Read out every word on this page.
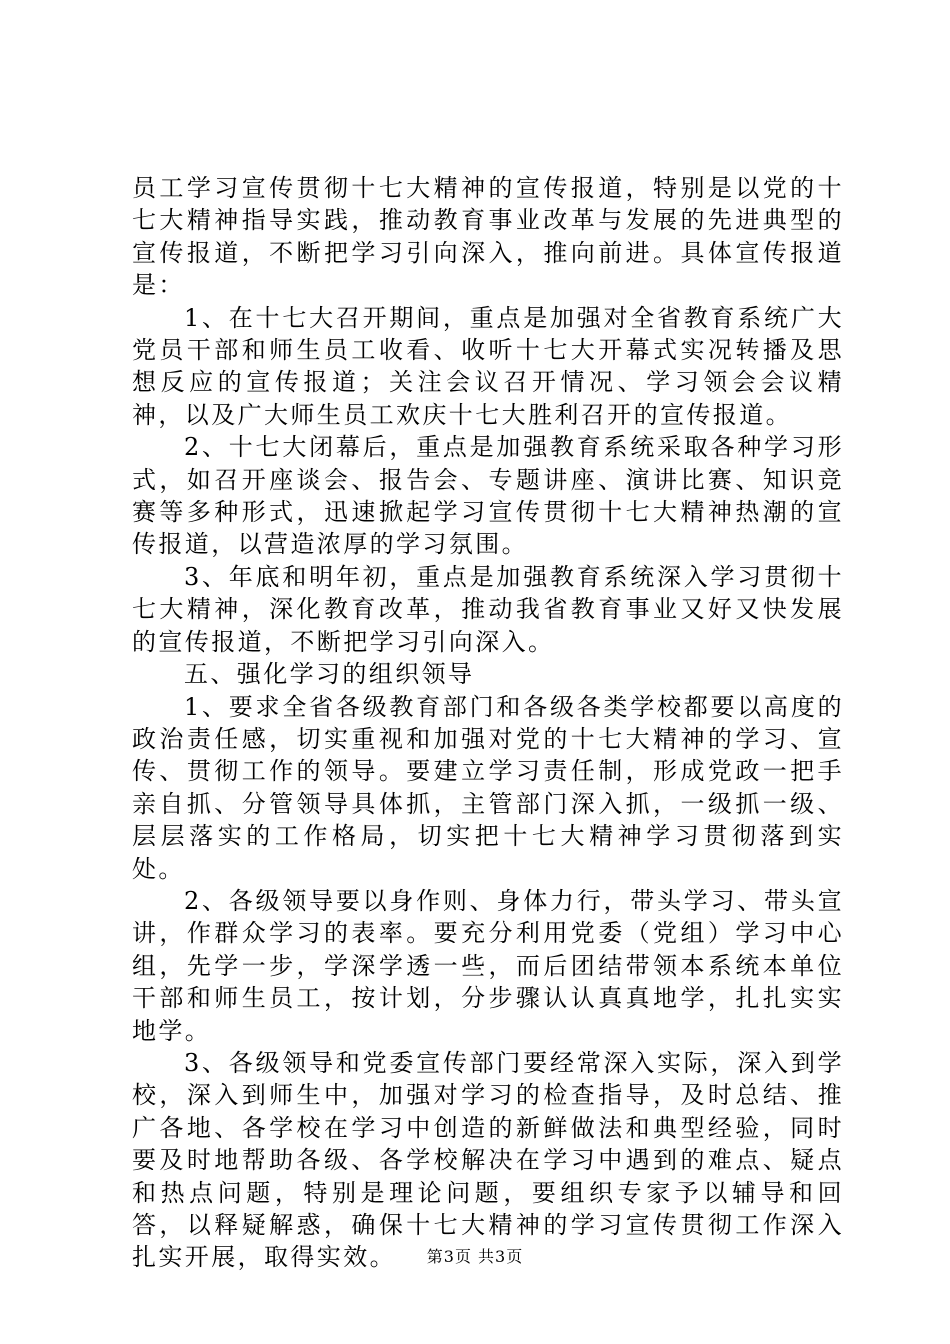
员工学习宣传贯彻十七大精神的宣传报道，特别是以党的十七大精神指导实践，推动教育事业改革与发展的先进典型的宣传报道，不断把学习引向深入，推向前进。具体宣传报道是：

1、在十七大召开期间，重点是加强对全省教育系统广大党员干部和师生员工收看、收听十七大开幕式实况转播及思想反应的宣传报道；关注会议召开情况、学习领会会议精神，以及广大师生员工欢庆十七大胜利召开的宣传报道。

2、十七大闭幕后，重点是加强教育系统采取各种学习形式，如召开座谈会、报告会、专题讲座、演讲比赛、知识竞赛等多种形式，迅速掀起学习宣传贯彻十七大精神热潮的宣传报道，以营造浓厚的学习氛围。

3、年底和明年初，重点是加强教育系统深入学习贯彻十七大精神，深化教育改革，推动我省教育事业又好又快发展的宣传报道，不断把学习引向深入。

五、强化学习的组织领导

1、要求全省各级教育部门和各级各类学校都要以高度的政治责任感，切实重视和加强对党的十七大精神的学习、宣传、贯彻工作的领导。要建立学习责任制，形成党政一把手亲自抓、分管领导具体抓，主管部门深入抓，一级抓一级、层层落实的工作格局，切实把十七大精神学习贯彻落到实处。

2、各级领导要以身作则、身体力行，带头学习、带头宣讲，作群众学习的表率。要充分利用党委（党组）学习中心组，先学一步，学深学透一些，而后团结带领本系统本单位干部和师生员工，按计划，分步骤认认真真地学，扎扎实实地学。

3、各级领导和党委宣传部门要经常深入实际，深入到学校，深入到师生中，加强对学习的检查指导，及时总结、推广各地、各学校在学习中创造的新鲜做法和典型经验，同时要及时地帮助各级、各学校解决在学习中遇到的难点、疑点和热点问题，特别是理论问题，要组织专家予以辅导和回答，以释疑解惑，确保十七大精神的学习宣传贯彻工作深入扎实开展，取得实效。	第3页 共3页
